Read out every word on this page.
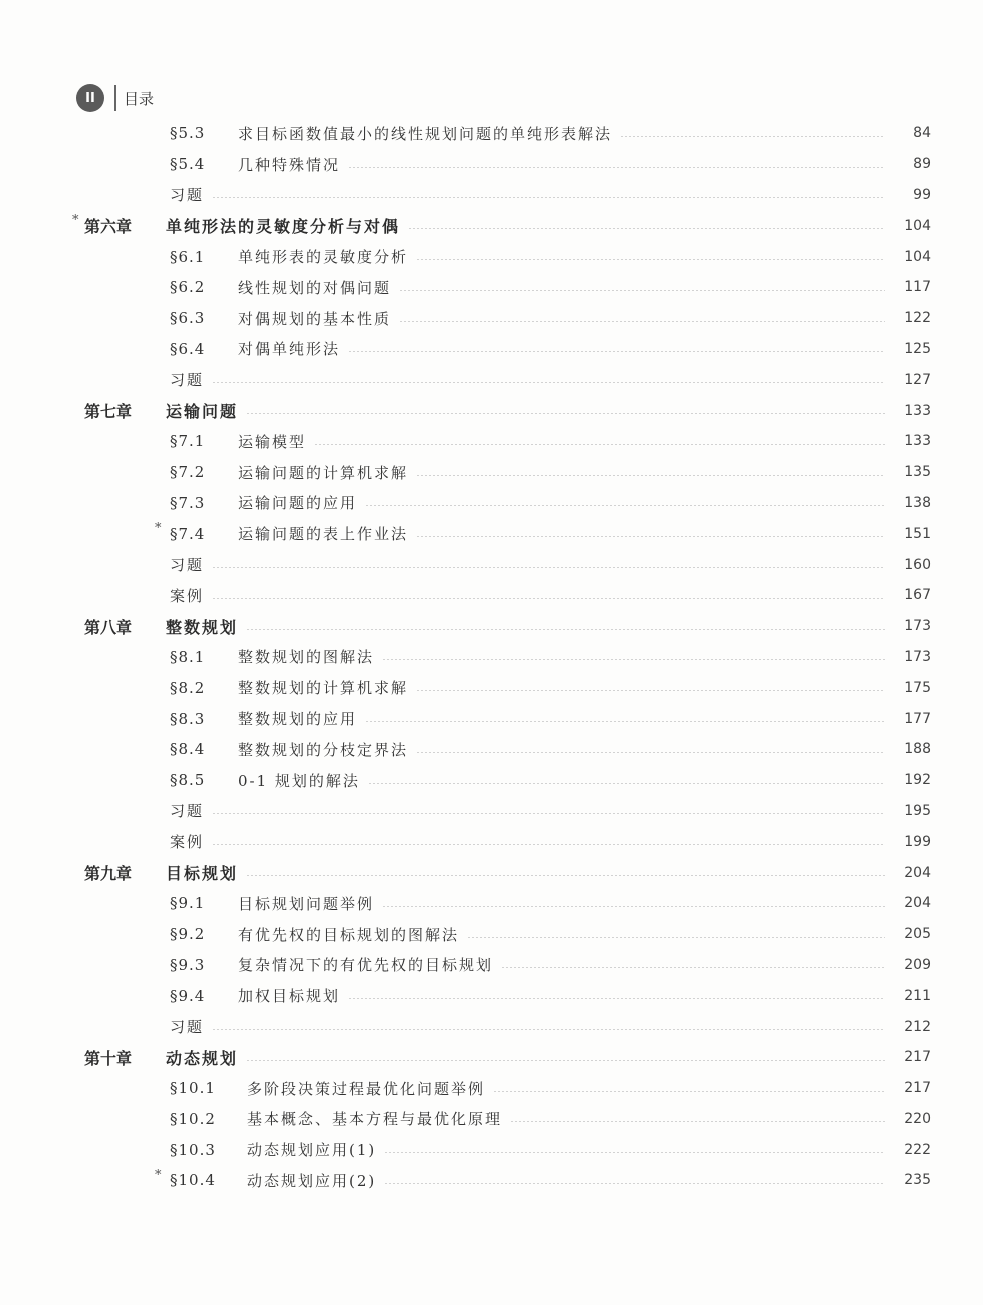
II	目录
§5.3	求目标函数值最小的线性规划问题的单纯形表解法	84
§5.4	几种特殊情况	89
习题	99
* 第六章	单纯形法的灵敏度分析与对偶	104
§6.1	单纯形表的灵敏度分析	104
§6.2	线性规划的对偶问题	117
§6.3	对偶规划的基本性质	122
§6.4	对偶单纯形法	125
习题	127
第七章	运输问题	133
§7.1	运输模型	133
§7.2	运输问题的计算机求解	135
§7.3	运输问题的应用	138
* §7.4	运输问题的表上作业法	151
习题	160
案例	167
第八章	整数规划	173
§8.1	整数规划的图解法	173
§8.2	整数规划的计算机求解	175
§8.3	整数规划的应用	177
§8.4	整数规划的分枝定界法	188
§8.5	0-1 规划的解法	192
习题	195
案例	199
第九章	目标规划	204
§9.1	目标规划问题举例	204
§9.2	有优先权的目标规划的图解法	205
§9.3	复杂情况下的有优先权的目标规划	209
§9.4	加权目标规划	211
习题	212
第十章	动态规划	217
§10.1	多阶段决策过程最优化问题举例	217
§10.2	基本概念、基本方程与最优化原理	220
§10.3	动态规划应用(1)	222
* §10.4	动态规划应用(2)	235
